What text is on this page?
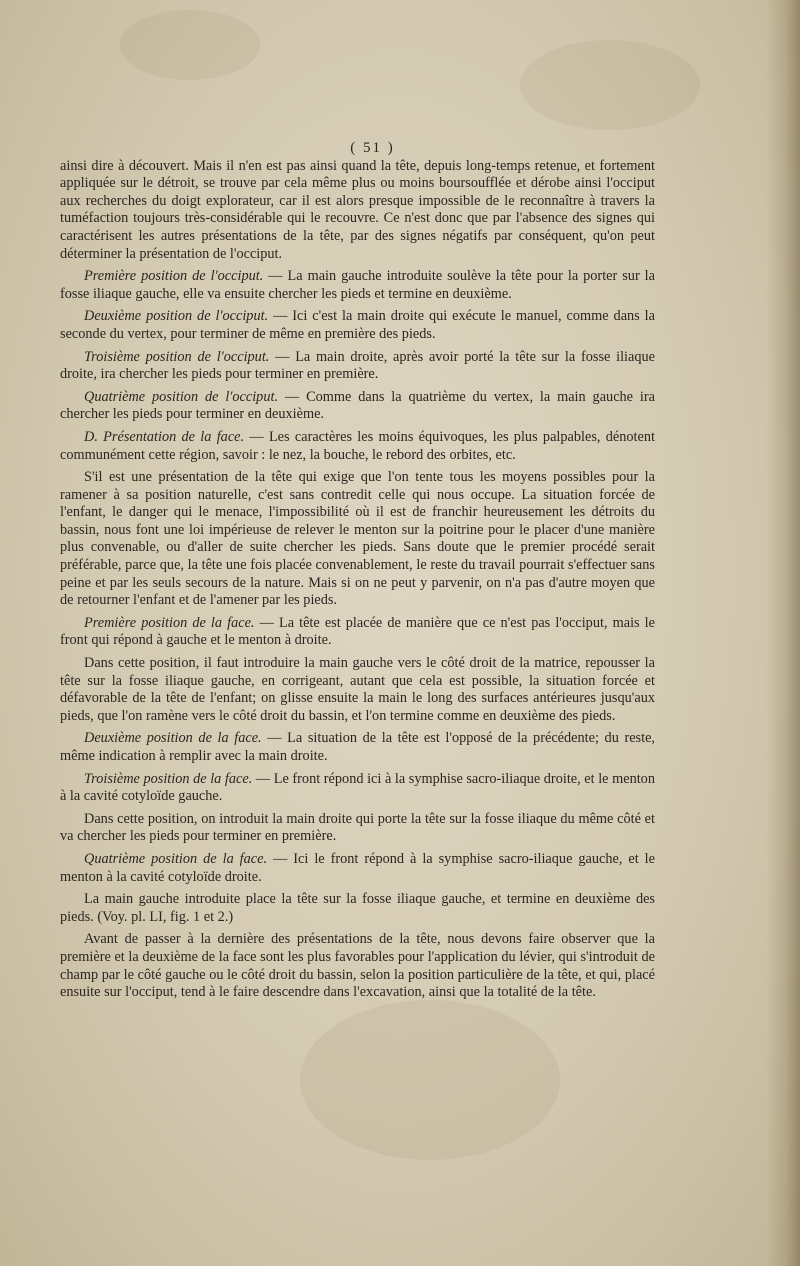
( 51 )

ainsi dire à découvert. Mais il n'en est pas ainsi quand la tête, depuis long-temps retenue, et fortement appliquée sur le détroit, se trouve par cela même plus ou moins boursoufflée et dérobe ainsi l'occiput aux recherches du doigt explorateur, car il est alors presque impossible de le reconnaître à travers la tuméfaction toujours très-considérable qui le recouvre. Ce n'est donc que par l'absence des signes qui caractérisent les autres présentations de la tête, par des signes négatifs par conséquent, qu'on peut déterminer la présentation de l'occiput.

Première position de l'occiput. — La main gauche introduite soulève la tête pour la porter sur la fosse iliaque gauche, elle va ensuite chercher les pieds et termine en deuxième.

Deuxième position de l'occiput. — Ici c'est la main droite qui exécute le manuel, comme dans la seconde du vertex, pour terminer de même en première des pieds.

Troisième position de l'occiput. — La main droite, après avoir porté la tête sur la fosse iliaque droite, ira chercher les pieds pour terminer en première.

Quatrième position de l'occiput. — Comme dans la quatrième du vertex, la main gauche ira chercher les pieds pour terminer en deuxième.

D. Présentation de la face. — Les caractères les moins équivoques, les plus palpables, dénotent communément cette région, savoir : le nez, la bouche, le rebord des orbites, etc.

S'il est une présentation de la tête qui exige que l'on tente tous les moyens possibles pour la ramener à sa position naturelle, c'est sans contredit celle qui nous occupe. La situation forcée de l'enfant, le danger qui le menace, l'impossibilité où il est de franchir heureusement les détroits du bassin, nous font une loi impérieuse de relever le menton sur la poitrine pour le placer d'une manière plus convenable, ou d'aller de suite chercher les pieds. Sans doute que le premier procédé serait préférable, parce que, la tête une fois placée convenablement, le reste du travail pourrait s'effectuer sans peine et par les seuls secours de la nature. Mais si on ne peut y parvenir, on n'a pas d'autre moyen que de retourner l'enfant et de l'amener par les pieds.

Première position de la face. — La tête est placée de manière que ce n'est pas l'occiput, mais le front qui répond à gauche et le menton à droite.

Dans cette position, il faut introduire la main gauche vers le côté droit de la matrice, repousser la tête sur la fosse iliaque gauche, en corrigeant, autant que cela est possible, la situation forcée et défavorable de la tête de l'enfant; on glisse ensuite la main le long des surfaces antérieures jusqu'aux pieds, que l'on ramène vers le côté droit du bassin, et l'on termine comme en deuxième des pieds.

Deuxième position de la face. — La situation de la tête est l'opposé de la précédente; du reste, même indication à remplir avec la main droite.

Troisième position de la face. — Le front répond ici à la symphise sacro-iliaque droite, et le menton à la cavité cotyloïde gauche.

Dans cette position, on introduit la main droite qui porte la tête sur la fosse iliaque du même côté et va chercher les pieds pour terminer en première.

Quatrième position de la face. — Ici le front répond à la symphise sacro-iliaque gauche, et le menton à la cavité cotyloïde droite.

La main gauche introduite place la tête sur la fosse iliaque gauche, et termine en deuxième des pieds. (Voy. pl. LI, fig. 1 et 2.)

Avant de passer à la dernière des présentations de la tête, nous devons faire observer que la première et la deuxième de la face sont les plus favorables pour l'application du lévier, qui s'introduit de champ par le côté gauche ou le côté droit du bassin, selon la position particulière de la tête, et qui, placé ensuite sur l'occiput, tend à le faire descendre dans l'excavation, ainsi que la totalité de la tête.
